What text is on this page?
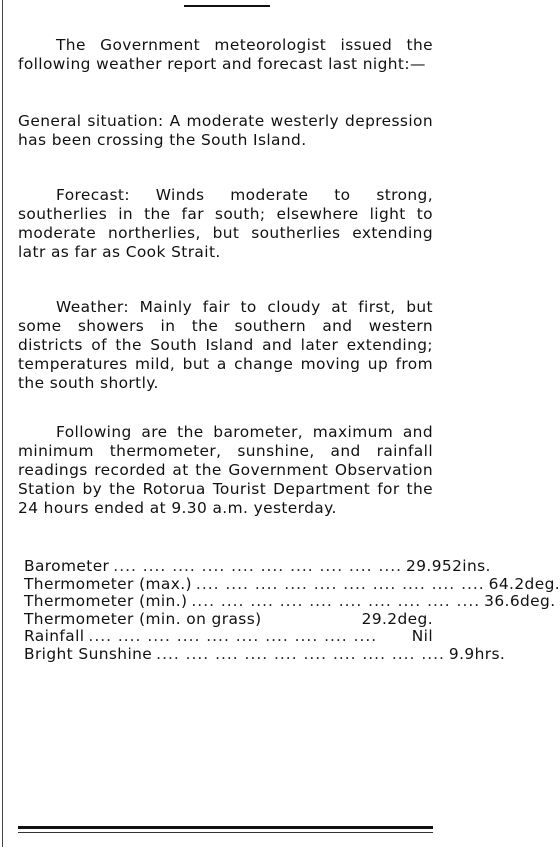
The Government meteorologist issued the following weather report and forecast last night:—

General situation: A moderate westerly depression has been crossing the South Island.

Forecast: Winds moderate to strong, southerlies in the far south; elsewhere light to moderate northerlies, but southerlies extending latr as far as Cook Strait.

Weather: Mainly fair to cloudy at first, but some showers in the southern and western districts of the South Island and later extending; temperatures mild, but a change moving up from the south shortly.

Following are the barometer, maximum and minimum thermometer, sunshine, and rainfall readings recorded at the Government Observation Station by the Rotorua Tourist Department for the 24 hours ended at 9.30 a.m. yesterday.

Barometer .... .... .... .... .... .... .... .... .... .... 29.952ins.
Thermometer (max.) .... .... .... .... .... .... .... .... .... .... 64.2deg.
Thermometer (min.) .... .... .... .... .... .... .... .... .... .... 36.6deg.
Thermometer (min. on grass)	29.2deg.
Rainfall .... .... .... .... .... .... .... .... .... ....	Nil
Bright Sunshine .... .... .... .... .... .... .... .... .... .... 9.9hrs.
